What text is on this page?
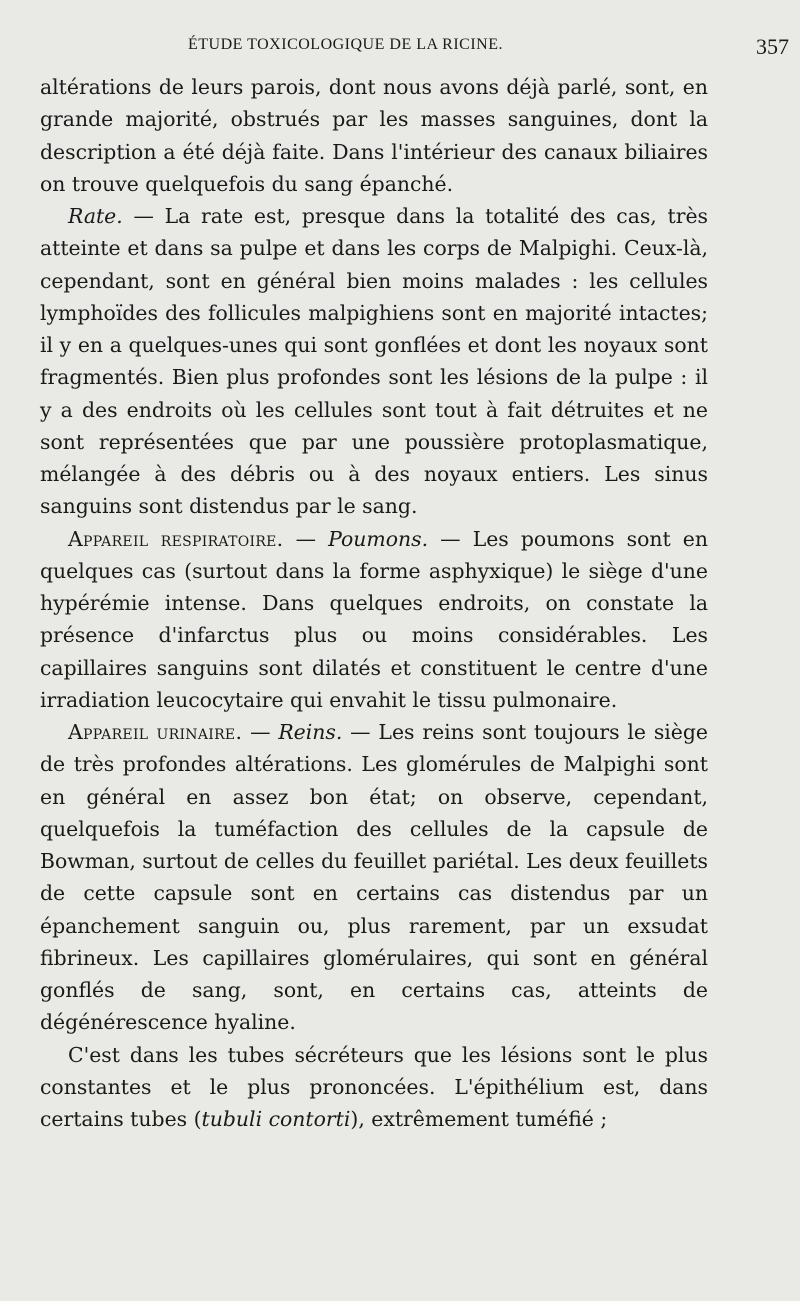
ÉTUDE TOXICOLOGIQUE DE LA RICINE.	357

altérations de leurs parois, dont nous avons déjà parlé, sont, en grande majorité, obstrués par les masses sanguines, dont la description a été déjà faite. Dans l'intérieur des canaux biliaires on trouve quelquefois du sang épanché.

Rate. — La rate est, presque dans la totalité des cas, très atteinte et dans sa pulpe et dans les corps de Malpighi. Ceux-là, cependant, sont en général bien moins malades : les cellules lymphoïdes des follicules malpighiens sont en majorité intactes; il y en a quelques-unes qui sont gonflées et dont les noyaux sont fragmentés. Bien plus profondes sont les lésions de la pulpe : il y a des endroits où les cellules sont tout à fait détruites et ne sont représentées que par une poussière protoplasmatique, mélangée à des débris ou à des noyaux entiers. Les sinus sanguins sont distendus par le sang.

Appareil respiratoire. — Poumons. — Les poumons sont en quelques cas (surtout dans la forme asphyxique) le siège d'une hypérémie intense. Dans quelques endroits, on constate la présence d'infarctus plus ou moins considérables. Les capillaires sanguins sont dilatés et constituent le centre d'une irradiation leucocytaire qui envahit le tissu pulmonaire.

Appareil urinaire. — Reins. — Les reins sont toujours le siège de très profondes altérations. Les glomérules de Malpighi sont en général en assez bon état; on observe, cependant, quelquefois la tuméfaction des cellules de la capsule de Bowman, surtout de celles du feuillet pariétal. Les deux feuillets de cette capsule sont en certains cas distendus par un épanchement sanguin ou, plus rarement, par un exsudat fibrineux. Les capillaires glomérulaires, qui sont en général gonflés de sang, sont, en certains cas, atteints de dégénérescence hyaline.

C'est dans les tubes sécréteurs que les lésions sont le plus constantes et le plus prononcées. L'épithélium est, dans certains tubes (tubuli contorti), extrêmement tuméfié ;
